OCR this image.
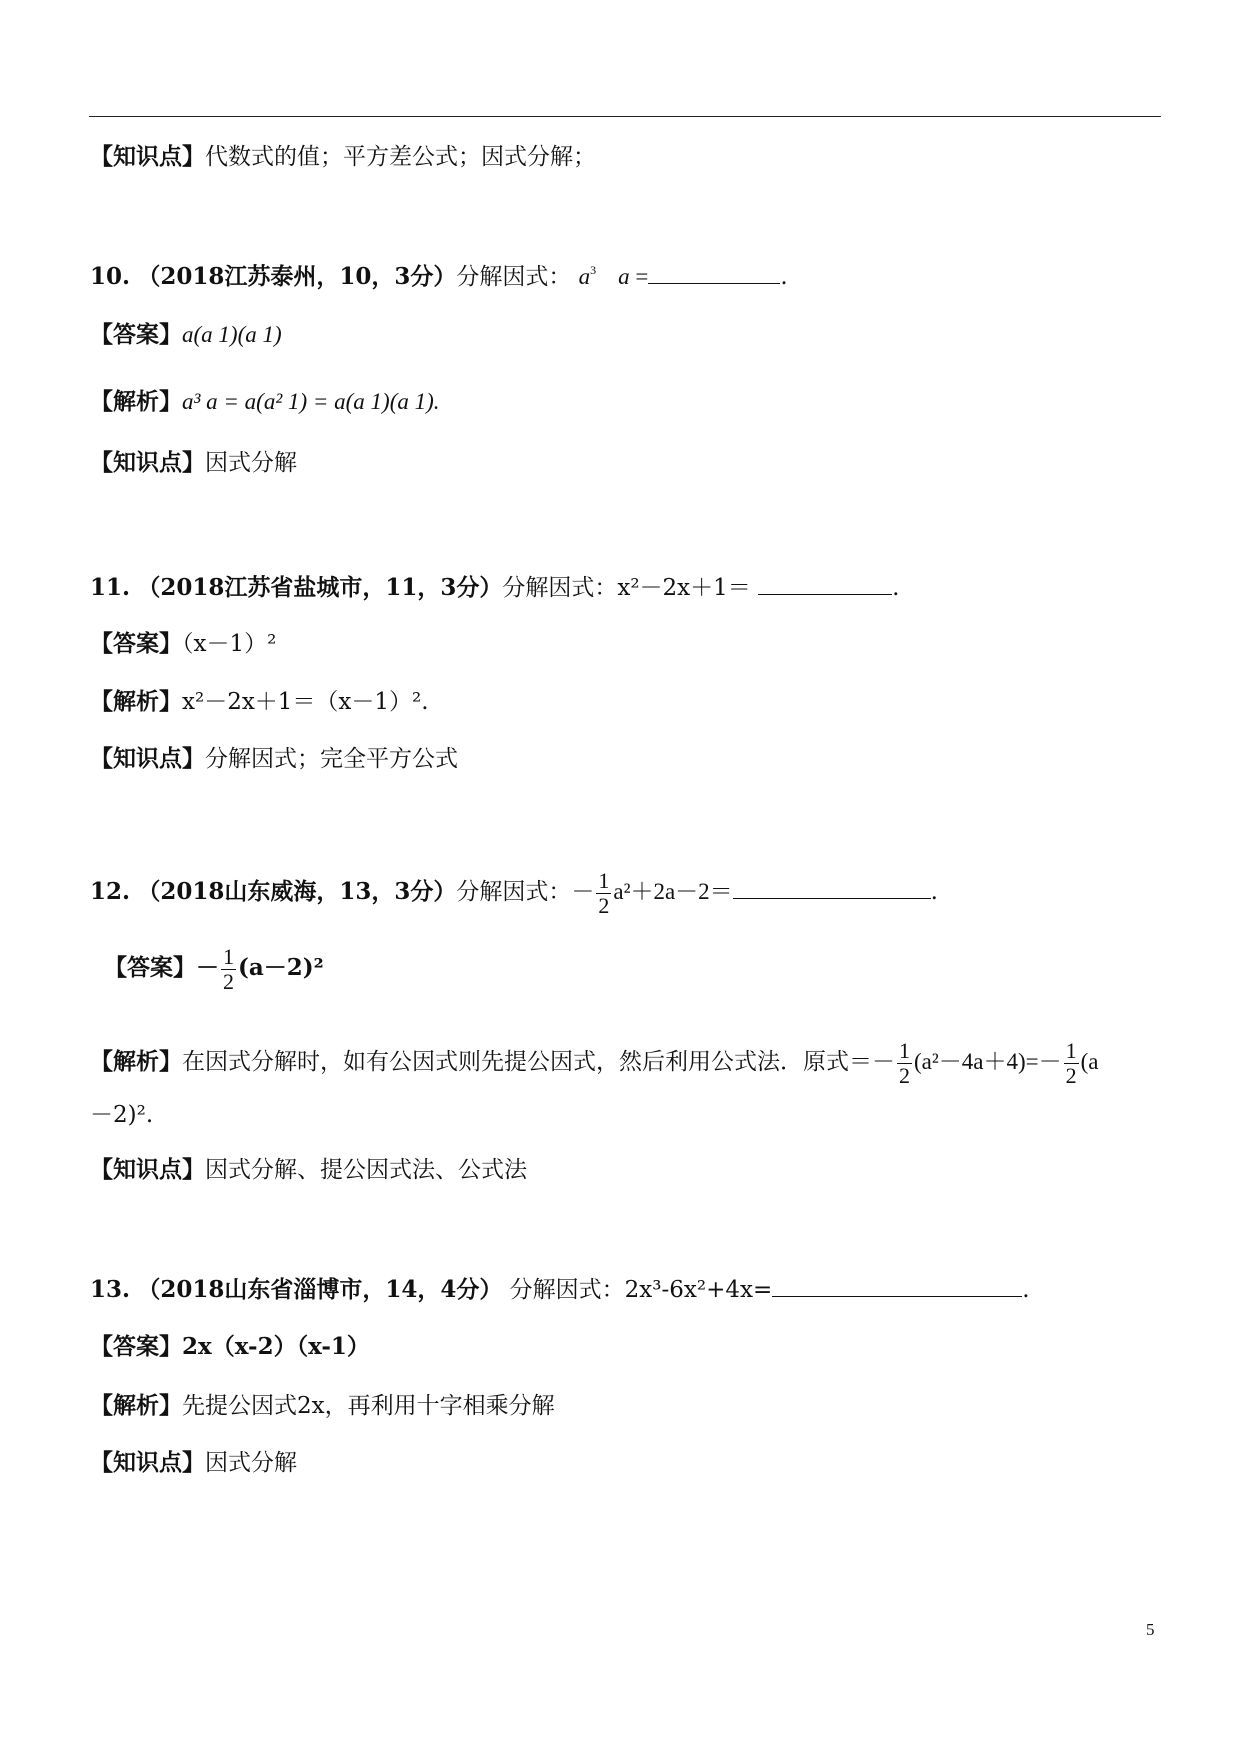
【知识点】代数式的值；平方差公式；因式分解；
10. （2018江苏泰州，10，3分）分解因式： $a^3$ a =	.
【答案】a(a 1)(a 1)
【解析】a³ a = a(a² 1) = a(a 1)(a 1).
【知识点】因式分解
11. （2018江苏省盐城市，11，3分）分解因式：x²－2x＋1＝	.
【答案】（x－1）²
【解析】x²－2x＋1＝（x－1）².
【知识点】分解因式；完全平方公式
12. （2018山东威海，13，3分）分解因式：－ $\frac{1}{2} a^2+2a-2=$	.
【答案】－ $\frac{1}{2} (a-2)^2$
【解析】在因式分解时，如有公因式则先提公因式，然后利用公式法．原式＝－ $\frac{1}{2} (a^2-4a+4)=- \frac{1}{2} (a$
－2)².
【知识点】因式分解、提公因式法、公式法
13. （2018山东省淄博市，14，4分） 分解因式：2x³-6x²+4x=	.
【答案】2x（x-2）（x-1）
【解析】先提公因式2x，再利用十字相乘分解
【知识点】因式分解
5
